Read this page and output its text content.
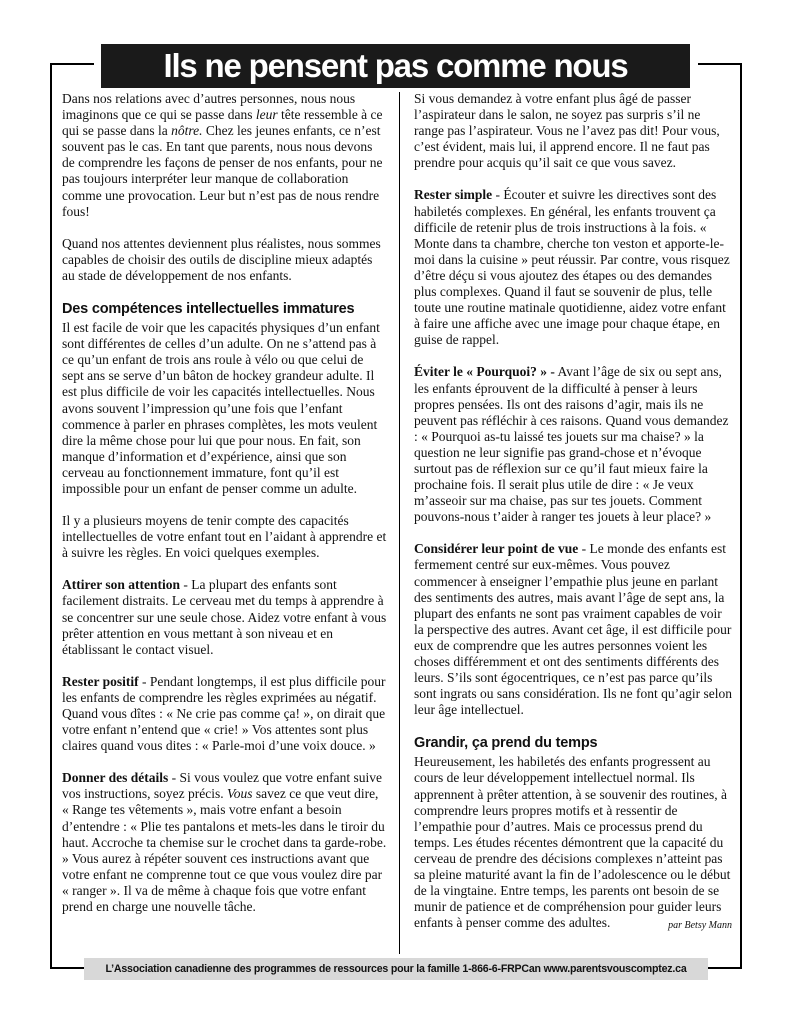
Ils ne pensent pas comme nous

Dans nos relations avec d’autres personnes, nous nous imaginons que ce qui se passe dans leur tête ressemble à ce qui se passe dans la nôtre. Chez les jeunes enfants, ce n’est souvent pas le cas. En tant que parents, nous nous devons de comprendre les façons de penser de nos enfants, pour ne pas toujours interpréter leur manque de collaboration comme une provocation. Leur but n’est pas de nous rendre fous!

Quand nos attentes deviennent plus réalistes, nous sommes capables de choisir des outils de discipline mieux adaptés au stade de développement de nos enfants.

Des compétences intellectuelles immatures

Il est facile de voir que les capacités physiques d’un enfant sont différentes de celles d’un adulte. On ne s’attend pas à ce qu’un enfant de trois ans roule à vélo ou que celui de sept ans se serve d’un bâton de hockey grandeur adulte. Il est plus difficile de voir les capacités intellectuelles. Nous avons souvent l’impression qu’une fois que l’enfant commence à parler en phrases complètes, les mots veulent dire la même chose pour lui que pour nous. En fait, son manque d’information et d’expérience, ainsi que son cerveau au fonctionnement immature, font qu’il est impossible pour un enfant de penser comme un adulte.

Il y a plusieurs moyens de tenir compte des capacités intellectuelles de votre enfant tout en l’aidant à apprendre et à suivre les règles. En voici quelques exemples.

Attirer son attention - La plupart des enfants sont facilement distraits. Le cerveau met du temps à apprendre à se concentrer sur une seule chose. Aidez votre enfant à vous prêter attention en vous mettant à son niveau et en établissant le contact visuel.

Rester positif - Pendant longtemps, il est plus difficile pour les enfants de comprendre les règles exprimées au négatif. Quand vous dîtes : « Ne crie pas comme ça! », on dirait que votre enfant n’entend que « crie! » Vos attentes sont plus claires quand vous dites : « Parle-moi d’une voix douce. »

Donner des détails - Si vous voulez que votre enfant suive vos instructions, soyez précis. Vous savez ce que veut dire, « Range tes vêtements », mais votre enfant a besoin d’entendre : « Plie tes pantalons et mets-les dans le tiroir du haut. Accroche ta chemise sur le crochet dans ta garde-robe. » Vous aurez à répéter souvent ces instructions avant que votre enfant ne comprenne tout ce que vous voulez dire par « ranger ». Il va de même à chaque fois que votre enfant prend en charge une nouvelle tâche.

Si vous demandez à votre enfant plus âgé de passer l’aspirateur dans le salon, ne soyez pas surpris s’il ne range pas l’aspirateur. Vous ne l’avez pas dit! Pour vous, c’est évident, mais lui, il apprend encore. Il ne faut pas prendre pour acquis qu’il sait ce que vous savez.

Rester simple - Écouter et suivre les directives sont des habiletés complexes. En général, les enfants trouvent ça difficile de retenir plus de trois instructions à la fois. « Monte dans ta chambre, cherche ton veston et apporte-le-moi dans la cuisine » peut réussir. Par contre, vous risquez d’être déçu si vous ajoutez des étapes ou des demandes plus complexes. Quand il faut se souvenir de plus, telle toute une routine matinale quotidienne, aidez votre enfant à faire une affiche avec une image pour chaque étape, en guise de rappel.

Éviter le « Pourquoi? » - Avant l’âge de six ou sept ans, les enfants éprouvent de la difficulté à penser à leurs propres pensées. Ils ont des raisons d’agir, mais ils ne peuvent pas réfléchir à ces raisons. Quand vous demandez : « Pourquoi as-tu laissé tes jouets sur ma chaise? » la question ne leur signifie pas grand-chose et n’évoque surtout pas de réflexion sur ce qu’il faut mieux faire la prochaine fois. Il serait plus utile de dire : « Je veux m’asseoir sur ma chaise, pas sur tes jouets. Comment pouvons-nous t’aider à ranger tes jouets à leur place? »

Considérer leur point de vue - Le monde des enfants est fermement centré sur eux-mêmes. Vous pouvez commencer à enseigner l’empathie plus jeune en parlant des sentiments des autres, mais avant l’âge de sept ans, la plupart des enfants ne sont pas vraiment capables de voir la perspective des autres. Avant cet âge, il est difficile pour eux de comprendre que les autres personnes voient les choses différemment et ont des sentiments différents des leurs. S’ils sont égocentriques, ce n’est pas parce qu’ils sont ingrats ou sans considération. Ils ne font qu’agir selon leur âge intellectuel.

Grandir, ça prend du temps

Heureusement, les habiletés des enfants progressent au cours de leur développement intellectuel normal. Ils apprennent à prêter attention, à se souvenir des routines, à comprendre leurs propres motifs et à ressentir de l’empathie pour d’autres. Mais ce processus prend du temps. Les études récentes démontrent que la capacité du cerveau de prendre des décisions complexes n’atteint pas sa pleine maturité avant la fin de l’adolescence ou le début de la vingtaine. Entre temps, les parents ont besoin de se munir de patience et de compréhension pour guider leurs enfants à penser comme des adultes.	par Betsy Mann

L’Association canadienne des programmes de ressources pour la famille 1-866-6-FRPCan www.parentsvouscomptez.ca
